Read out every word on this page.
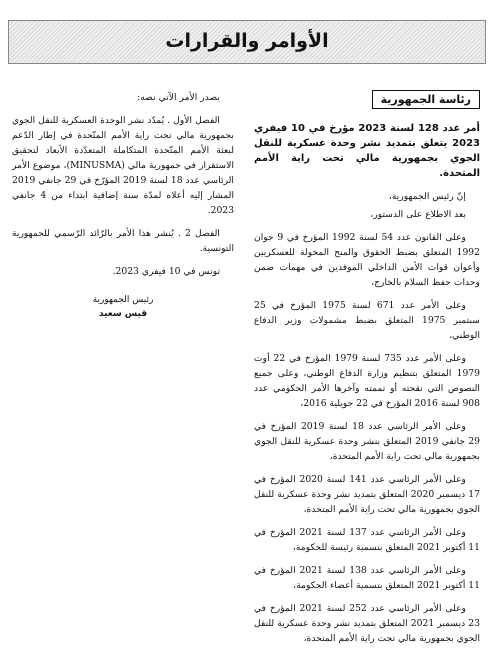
الأوامر والقرارات
رئاسة الجمهورية
أمر عدد 128 لسنة 2023 مؤرخ في 10 فيفري 2023 يتعلق بتمديد نشر وحدة عسكرية للنقل الجوي بجمهورية مالي تحت راية الأمم المتحدة.

إنّ رئيس الجمهورية،

بعد الاطلاع على الدستور،

وعلى القانون عدد 54 لسنة 1992 المؤرخ في 9 جوان 1992 المتعلق بضبط الحقوق والمنح المخولة للعسكريين وأعوان قوات الأمن الداخلي الموفدين في مهمات ضمن وحدات حفظ السلام بالخارج،

وعلى الأمر عدد 671 لسنة 1975 المؤرخ في 25 سبتمبر 1975 المتعلق بضبط مشمولات وزير الدفاع الوطني،

وعلى الأمر عدد 735 لسنة 1979 المؤرخ في 22 أوت 1979 المتعلق بتنظيم وزارة الدفاع الوطني، وعلى جميع النصوص التي نقحته أو تممته وآخرها الأمر الحكومي عدد 908 لسنة 2016 المؤرخ في 22 جويلية 2016،

وعلى الأمر الرئاسي عدد 18 لسنة 2019 المؤرخ في 29 جانفي 2019 المتعلق بنشر وحدة عسكرية للنقل الجوي بجمهورية مالي تحت راية الأمم المتحدة،

وعلى الأمر الرئاسي عدد 141 لسنة 2020 المؤرخ في 17 ديسمبر 2020 المتعلق بتمديد نشر وحدة عسكرية للنقل الجوي بجمهورية مالي تحت راية الأمم المتحدة،

وعلى الأمر الرئاسي عدد 137 لسنة 2021 المؤرخ في 11 أكتوبر 2021 المتعلق بتسمية رئيسة للحكومة،

وعلى الأمر الرئاسي عدد 138 لسنة 2021 المؤرخ في 11 أكتوبر 2021 المتعلق بتسمية أعضاء الحكومة،

وعلى الأمر الرئاسي عدد 252 لسنة 2021 المؤرخ في 23 ديسمبر 2021 المتعلق بتمديد نشر وحدة عسكرية للنقل الجوي بجمهورية مالي تحت راية الأمم المتحدة،

يصدر الأمر الآتي نصه:

الفصل الأول . يُمدّد نشر الوحدة العسكرية للنقل الجوي بجمهورية مالي تحت راية الأمم المتّحدة في إطار الدّعم لبعثة الأمم المتّحدة المتكاملة المتعدّدة الأبعاد لتحقيق الاستقرار في جمهورية مالي (MINUSMA)، موضوع الأمر الرئاسي عدد 18 لسنة 2019 المؤرّخ في 29 جانفي 2019 المشار إليه أعلاه لمدّة سنة إضافية ابتداء من 4 جانفي 2023.

الفصل 2 . يُنشر هذا الأمر بالرّائد الرّسمي للجمهورية التونسية.

تونس في 10 فيفري 2023.

رئيس الجمهورية
قيس سعيد
